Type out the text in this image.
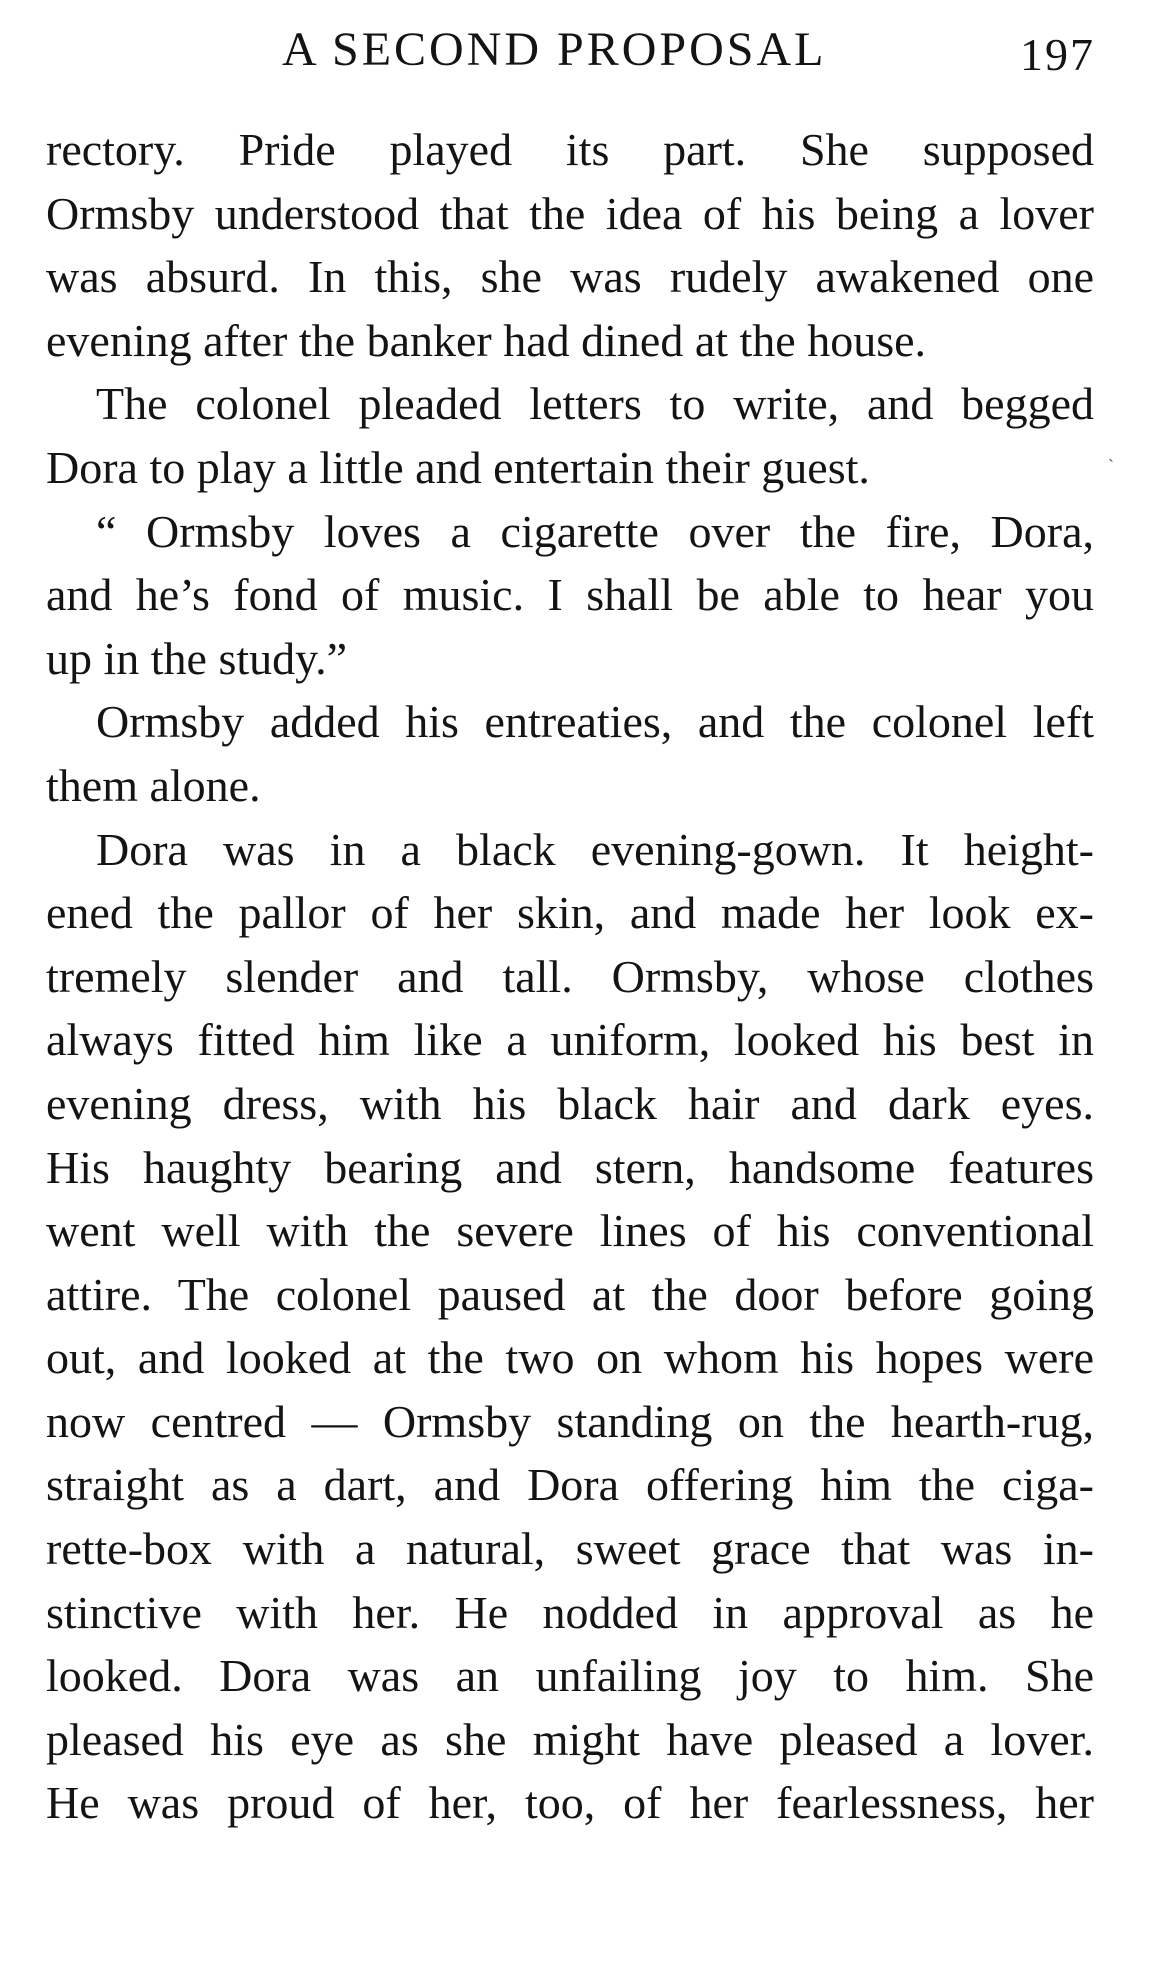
A SECOND PROPOSAL	197
rectory. Pride played its part. She supposed
Ormsby understood that the idea of his being a lover
was absurd. In this, she was rudely awakened one
evening after the banker had dined at the house.
The colonel pleaded letters to write, and begged
Dora to play a little and entertain their guest.
“ Ormsby loves a cigarette over the fire, Dora,
and he’s fond of music. I shall be able to hear you
up in the study.”
Ormsby added his entreaties, and the colonel left
them alone.
Dora was in a black evening-gown. It height-
ened the pallor of her skin, and made her look ex-
tremely slender and tall. Ormsby, whose clothes
always fitted him like a uniform, looked his best in
evening dress, with his black hair and dark eyes.
His haughty bearing and stern, handsome features
went well with the severe lines of his conventional
attire. The colonel paused at the door before going
out, and looked at the two on whom his hopes were
now centred — Ormsby standing on the hearth-rug,
straight as a dart, and Dora offering him the ciga-
rette-box with a natural, sweet grace that was in-
stinctive with her. He nodded in approval as he
looked. Dora was an unfailing joy to him. She
pleased his eye as she might have pleased a lover.
He was proud of her, too, of her fearlessness, her
ˋ
